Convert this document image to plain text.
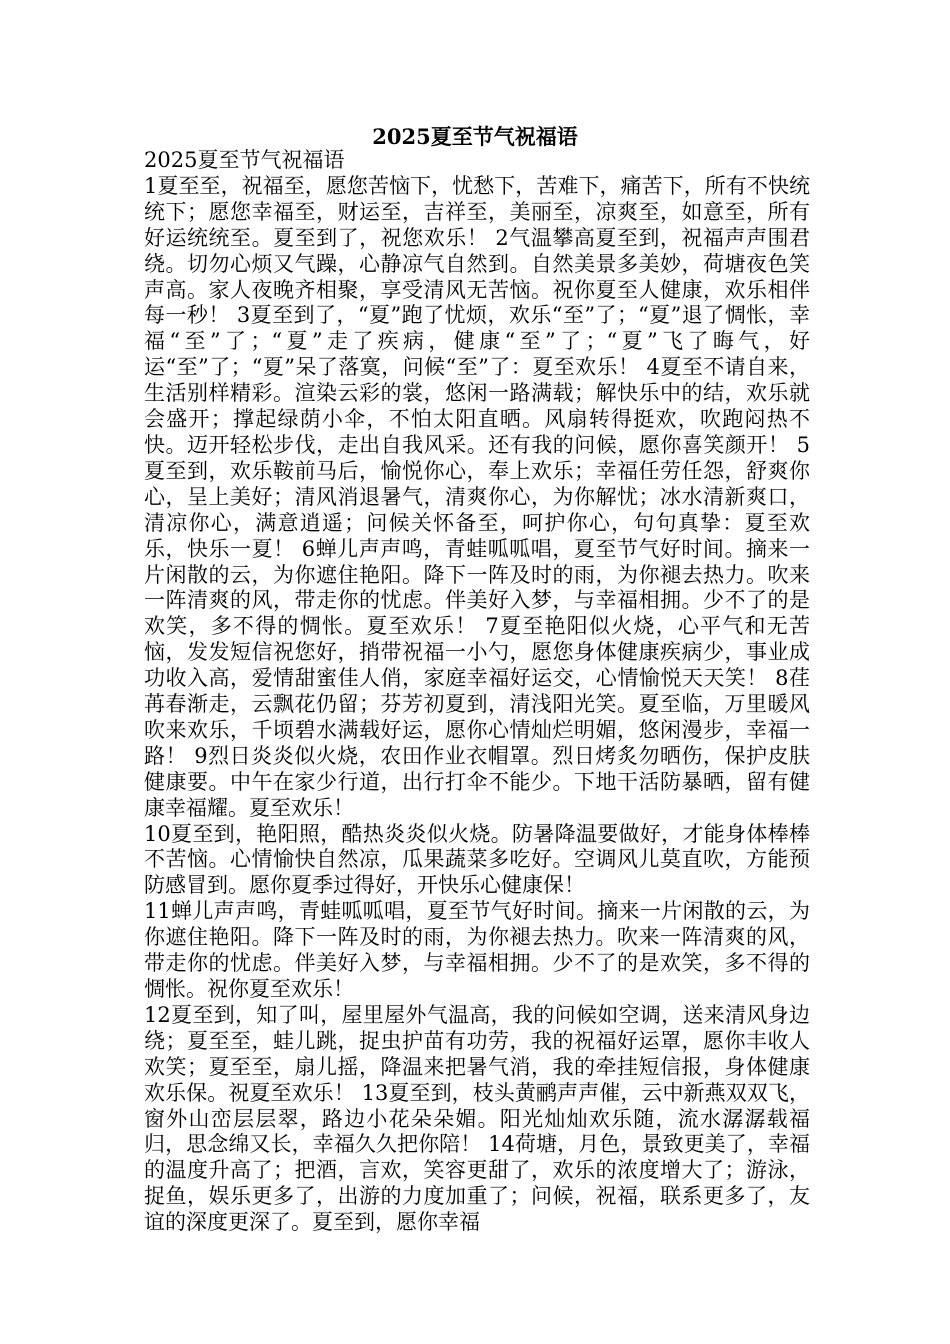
2025夏至节气祝福语

2025夏至节气祝福语

1夏至至，祝福至，愿您苦恼下，忧愁下，苦难下，痛苦下，所有不快统统下；愿您幸福至，财运至，吉祥至，美丽至，凉爽至，如意至，所有好运统统至。夏至到了，祝您欢乐！ 2气温攀高夏至到，祝福声声围君绕。切勿心烦又气躁，心静凉气自然到。自然美景多美妙，荷塘夜色笑声高。家人夜晚齐相聚，享受清风无苦恼。祝你夏至人健康，欢乐相伴每一秒！ 3夏至到了，“夏”跑了忧烦，欢乐“至”了；“夏”退了惆怅，幸福“至”了；“夏”走了疾病，健康“至”了；“夏”飞了晦气，好运“至”了；“夏”呆了落寞，问候“至”了：夏至欢乐！ 4夏至不请自来，生活别样精彩。渲染云彩的裳，悠闲一路满载；解快乐中的结，欢乐就会盛开；撑起绿荫小伞，不怕太阳直晒。风扇转得挺欢，吹跑闷热不快。迈开轻松步伐，走出自我风采。还有我的问候，愿你喜笑颜开！ 5夏至到，欢乐鞍前马后，愉悦你心，奉上欢乐；幸福任劳任怨，舒爽你心，呈上美好；清风消退暑气，清爽你心，为你解忧；冰水清新爽口，清凉你心，满意逍遥；问候关怀备至，呵护你心，句句真挚：夏至欢乐，快乐一夏！ 6蝉儿声声鸣，青蛙呱呱唱，夏至节气好时间。摘来一片闲散的云，为你遮住艳阳。降下一阵及时的雨，为你褪去热力。吹来一阵清爽的风，带走你的忧虑。伴美好入梦，与幸福相拥。少不了的是欢笑，多不得的惆怅。夏至欢乐！ 7夏至艳阳似火烧，心平气和无苦恼，发发短信祝您好，捎带祝福一小勺，愿您身体健康疾病少，事业成功收入高，爱情甜蜜佳人俏，家庭幸福好运交，心情愉悦天天笑！ 8荏苒春渐走，云飘花仍留；芬芳初夏到，清浅阳光笑。夏至临，万里暖风吹来欢乐，千顷碧水满载好运，愿你心情灿烂明媚，悠闲漫步，幸福一路！ 9烈日炎炎似火烧，农田作业衣帽罩。烈日烤炙勿晒伤，保护皮肤健康要。中午在家少行道，出行打伞不能少。下地干活防暴晒，留有健康幸福耀。夏至欢乐！

10夏至到，艳阳照，酷热炎炎似火烧。防暑降温要做好，才能身体棒棒不苦恼。心情愉快自然凉，瓜果蔬菜多吃好。空调风儿莫直吹，方能预防感冒到。愿你夏季过得好，开快乐心健康保！

11蝉儿声声鸣，青蛙呱呱唱，夏至节气好时间。摘来一片闲散的云，为你遮住艳阳。降下一阵及时的雨，为你褪去热力。吹来一阵清爽的风，带走你的忧虑。伴美好入梦，与幸福相拥。少不了的是欢笑，多不得的惆怅。祝你夏至欢乐！

12夏至到，知了叫，屋里屋外气温高，我的问候如空调，送来清风身边绕；夏至至，蛙儿跳，捉虫护苗有功劳，我的祝福好运罩，愿你丰收人欢笑；夏至至，扇儿摇，降温来把暑气消，我的牵挂短信报，身体健康欢乐保。祝夏至欢乐！ 13夏至到，枝头黄鹂声声催，云中新燕双双飞，窗外山峦层层翠，路边小花朵朵媚。阳光灿灿欢乐随，流水潺潺载福归，思念绵又长，幸福久久把你陪！ 14荷塘，月色，景致更美了，幸福的温度升高了；把酒，言欢，笑容更甜了，欢乐的浓度增大了；游泳，捉鱼，娱乐更多了，出游的力度加重了；问候，祝福，联系更多了，友谊的深度更深了。夏至到，愿你幸福
